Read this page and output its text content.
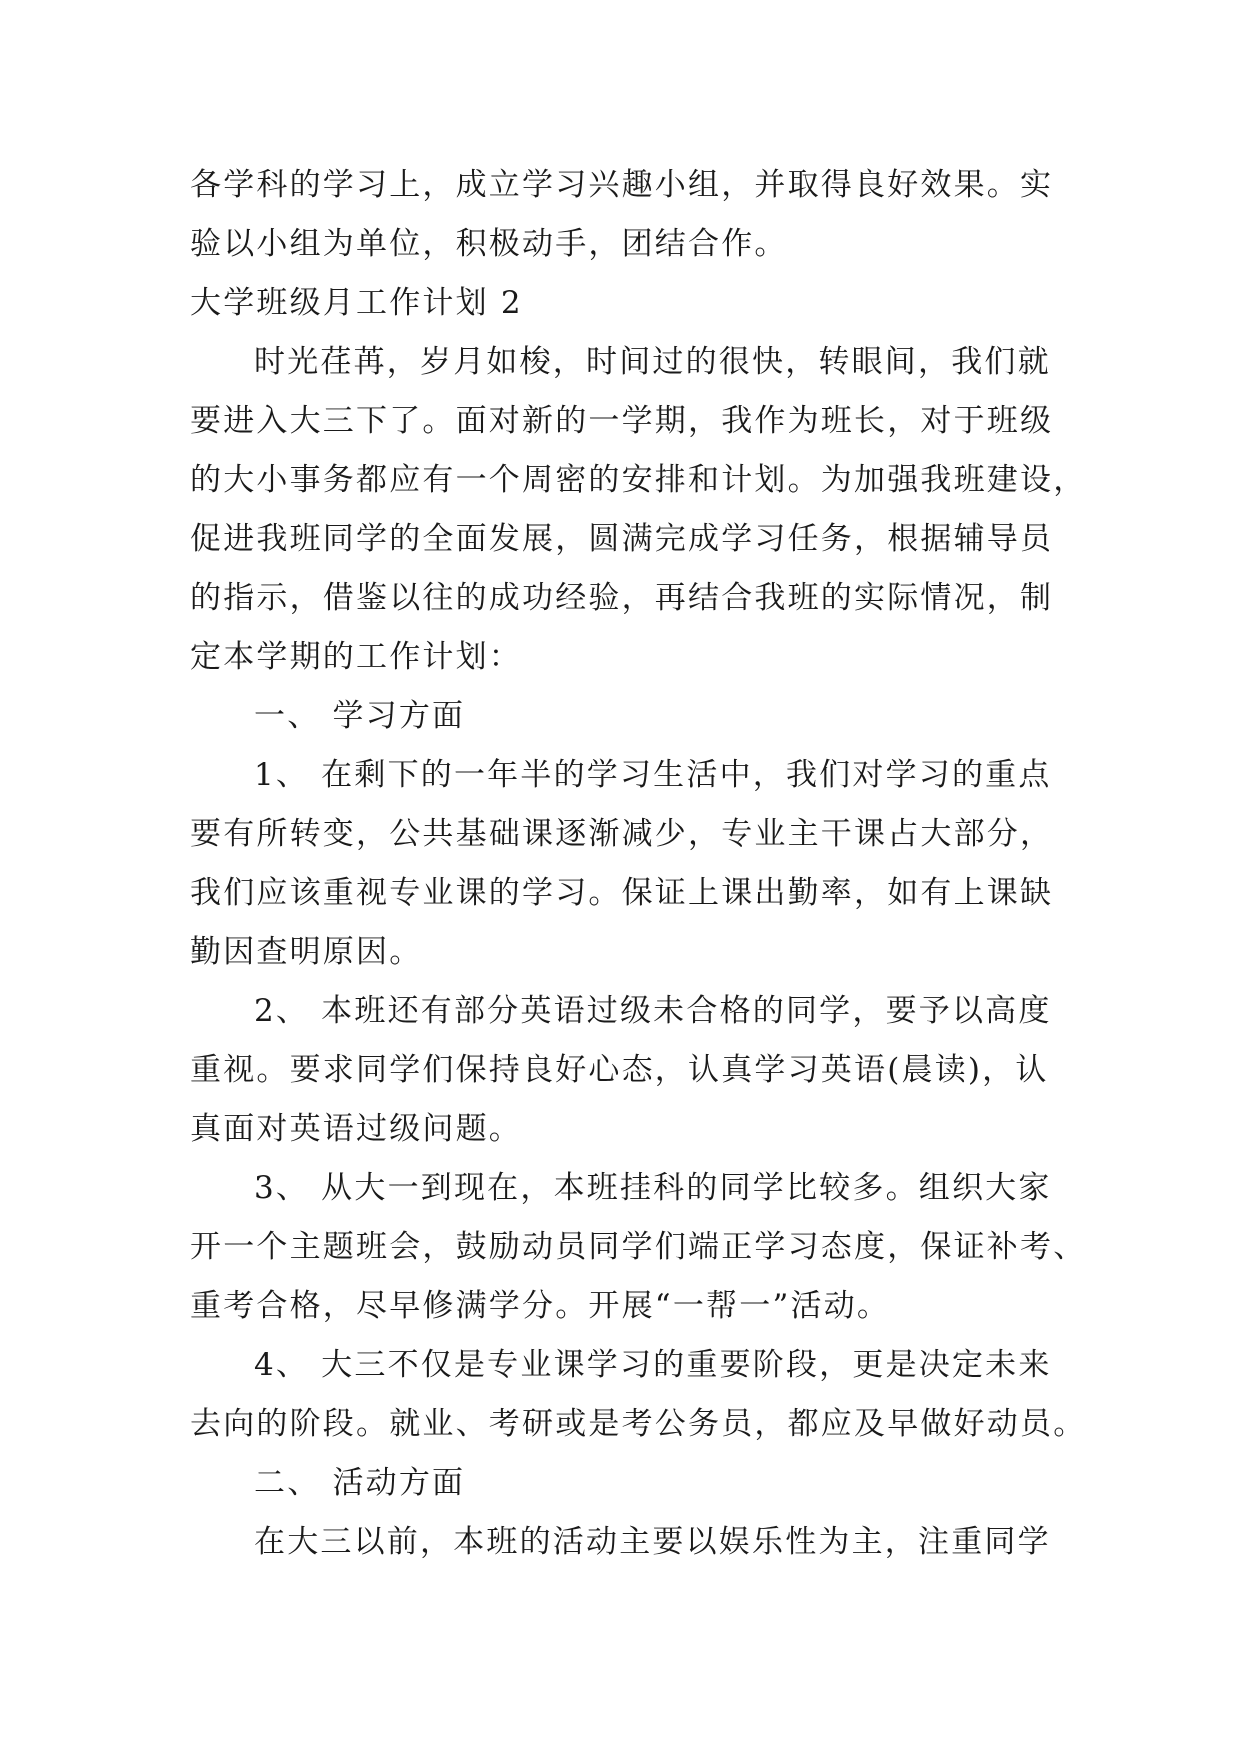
各学科的学习上，成立学习兴趣小组，并取得良好效果。实
验以小组为单位，积极动手，团结合作。
大学班级月工作计划 2
时光荏苒，岁月如梭，时间过的很快，转眼间，我们就
要进入大三下了。面对新的一学期，我作为班长，对于班级
的大小事务都应有一个周密的安排和计划。为加强我班建设，
促进我班同学的全面发展，圆满完成学习任务，根据辅导员
的指示，借鉴以往的成功经验，再结合我班的实际情况，制
定本学期的工作计划：
一、 学习方面
1、 在剩下的一年半的学习生活中，我们对学习的重点
要有所转变，公共基础课逐渐减少，专业主干课占大部分，
我们应该重视专业课的学习。保证上课出勤率，如有上课缺
勤因查明原因。
2、 本班还有部分英语过级未合格的同学，要予以高度
重视。要求同学们保持良好心态，认真学习英语(晨读)，认
真面对英语过级问题。
3、 从大一到现在，本班挂科的同学比较多。组织大家
开一个主题班会，鼓励动员同学们端正学习态度，保证补考、
重考合格，尽早修满学分。开展“一帮一”活动。
4、 大三不仅是专业课学习的重要阶段，更是决定未来
去向的阶段。就业、考研或是考公务员，都应及早做好动员。
二、 活动方面
在大三以前，本班的活动主要以娱乐性为主，注重同学
